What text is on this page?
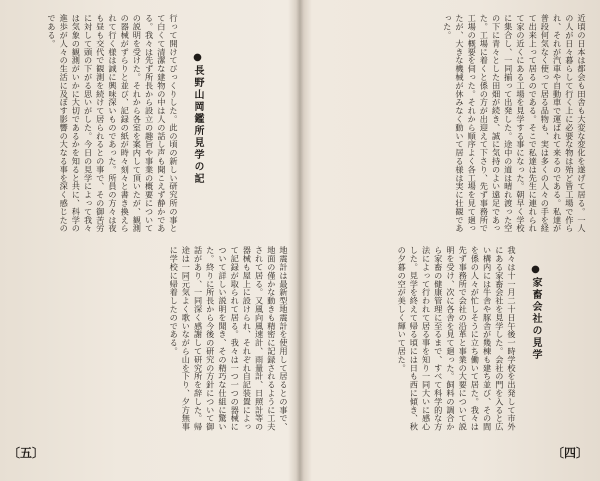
行って開けてびっくりした。此の頃の新しい研究所の事とて白くて清潔な建物の中は人の話し声も聞こえず静かである。我々は先ず所長から設立の趣旨や事業の概要についての説明を受けた。それから各室を案内して頂いたが、観測の器械がずらりと並び、記録の紙が時々刻々と書き換えられて行く様は誠に興味深いものであった。所員の方々は夜も昼も交代で観測を続けて居られるとの事で、その御苦労に対して頭の下がる思いがした。今日の見学によって我々は気象の観測がいかに大切であるかを知ると共に、科学の進歩が人々の生活に及ぼす影響の大なる事を深く感じたのである。
●長野山岡鑑所見学の記
地震計は最新型地震計を使用して居るとの事で、地面の僅かな動きも精密に記録されるように工夫されて居る。又風向風速計、雨量計、日照計等の器械も屋上に設けられ、それぞれ自記装置によって記録が取られて居る。我々は一つ一つの器械について詳しい説明を聞き、その精巧な仕組に驚いた。終りに所長から今後の研究の方針について御話があり、一同深く感謝して研究所を辞した。帰途は一同元気よく歌いながら山を下り、夕方無事に学校に帰着したのである。
〔五〕
近頃の日本は都会も田舎も大変な変化を遂げて居る。一人の人が日々暮らして行く上に必要な物は殆ど皆工場で作られ、それが汽車や自動車で運ばれて来るのである。私達が普段何気なく使って居る品物も、実は多くの人々の手を経て出来上って居るのである。そこで私達は先生に連れられて家の近くにある工場を見学する事になった。朝早く学校に集合し、一同揃って出発した。途中の道は晴れ渡った空の下に青々とした田畑が続き、誠に気持のよい遠足であった。工場に着くと係の方が出迎えて下さり、先ず事務所で工場の概要を伺った。それから順序よく各工場を見て廻ったが、大きな機械が休みなく動いて居る様は実に壮観であった。
我々は十一月二十日午後一時学校を出発して市外にある家畜会社を見学した。会社の門を入ると広い構内には牛舎や豚舎が幾棟も建ち並び、その間を係の人々が忙しそうに立ち働いて居た。我々は先ず事務所で会社の沿革と事業の大要について説明を受け、次に各舎を見て廻った。飼料の調合から家畜の健康管理に至るまで、すべて科学的な方法によって行われて居る事を知り一同大いに感心した。見学を終えて帰る頃には日も西に傾き、秋の夕暮の空が美しく輝いて居た。	●家畜会社の見学
〔四〕
